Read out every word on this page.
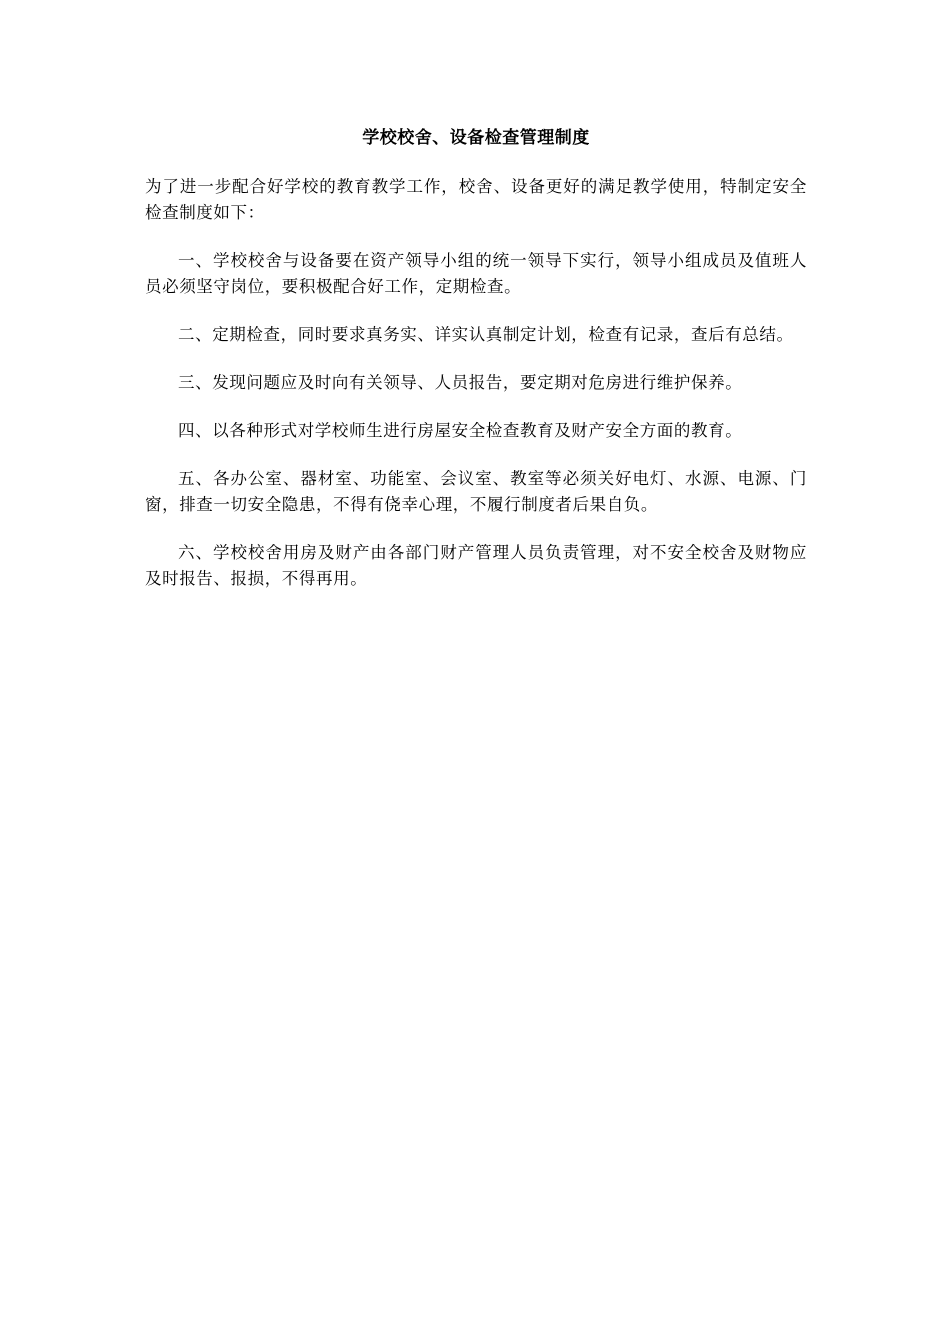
学校校舍、设备检查管理制度

为了进一步配合好学校的教育教学工作，校舍、设备更好的满足教学使用，特制定安全检查制度如下：

一、学校校舍与设备要在资产领导小组的统一领导下实行，领导小组成员及值班人员必须坚守岗位，要积极配合好工作，定期检查。

二、定期检查，同时要求真务实、详实认真制定计划，检查有记录，查后有总结。

三、发现问题应及时向有关领导、人员报告，要定期对危房进行维护保养。

四、以各种形式对学校师生进行房屋安全检查教育及财产安全方面的教育。

五、各办公室、器材室、功能室、会议室、教室等必须关好电灯、水源、电源、门窗，排查一切安全隐患，不得有侥幸心理，不履行制度者后果自负。

六、学校校舍用房及财产由各部门财产管理人员负责管理，对不安全校舍及财物应及时报告、报损，不得再用。
